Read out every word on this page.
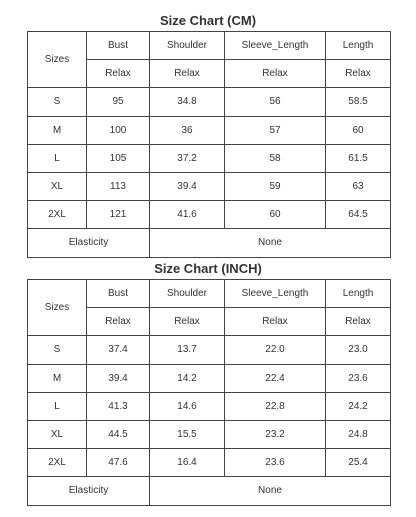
Size Chart (CM)
Sizes	Bust	Shoulder	Sleeve_Length	Length
	Relax	Relax	Relax	Relax
S	95	34.8	56	58.5
M	100	36	57	60
L	105	37.2	58	61.5
XL	113	39.4	59	63
2XL	121	41.6	60	64.5
Elasticity		None		
Size Chart (INCH)
Sizes	Bust	Shoulder	Sleeve_Length	Length
	Relax	Relax	Relax	Relax
S	37.4	13.7	22.0	23.0
M	39.4	14.2	22.4	23.6
L	41.3	14.6	22.8	24.2
XL	44.5	15.5	23.2	24.8
2XL	47.6	16.4	23.6	25.4
Elasticity		None		
